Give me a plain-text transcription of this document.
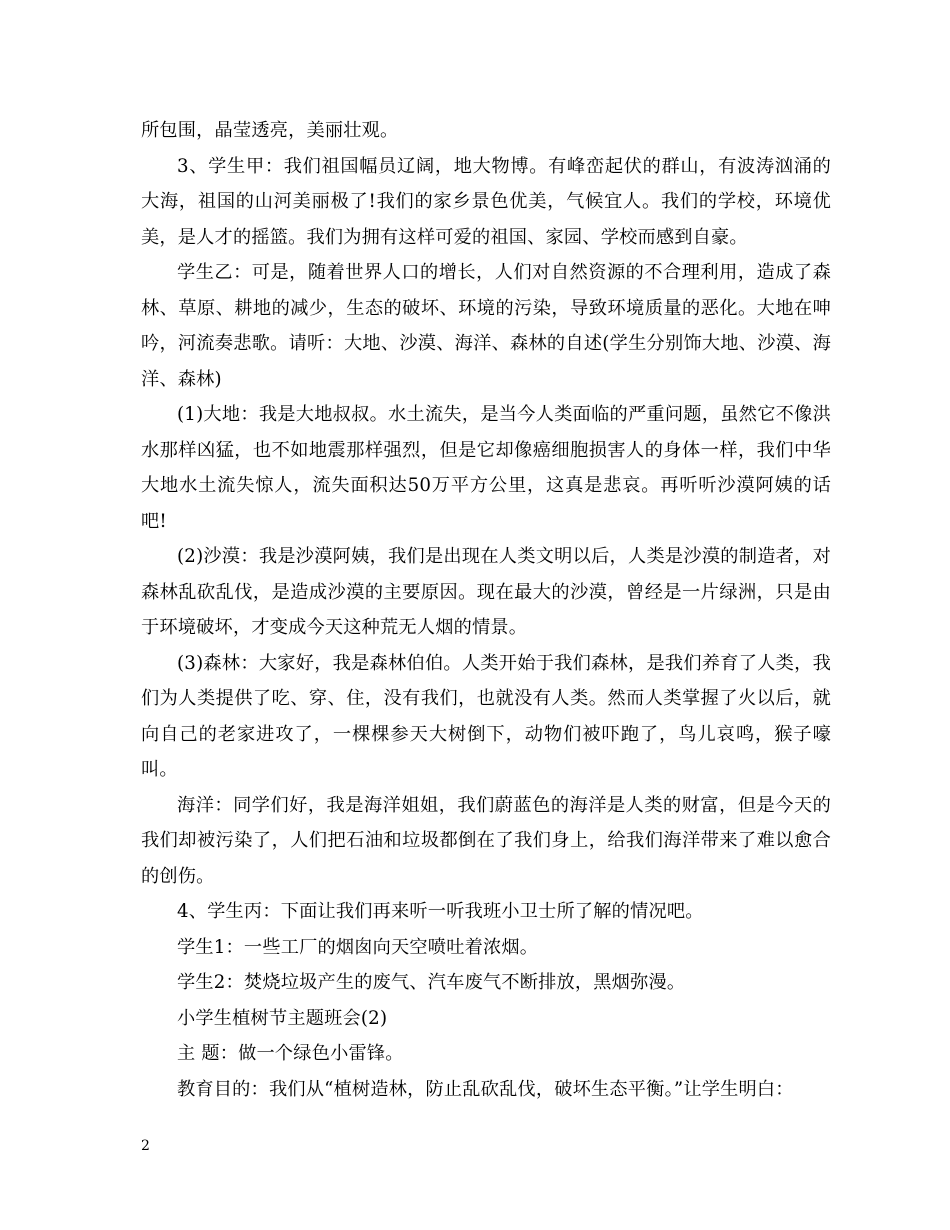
所包围，晶莹透亮，美丽壮观。

3、学生甲：我们祖国幅员辽阔，地大物博。有峰峦起伏的群山，有波涛汹涌的大海，祖国的山河美丽极了!我们的家乡景色优美，气候宜人。我们的学校，环境优美，是人才的摇篮。我们为拥有这样可爱的祖国、家园、学校而感到自豪。

学生乙：可是，随着世界人口的增长，人们对自然资源的不合理利用，造成了森林、草原、耕地的减少，生态的破坏、环境的污染，导致环境质量的恶化。大地在呻吟，河流奏悲歌。请听：大地、沙漠、海洋、森林的自述(学生分别饰大地、沙漠、海洋、森林)

(1)大地：我是大地叔叔。水土流失，是当今人类面临的严重问题，虽然它不像洪水那样凶猛，也不如地震那样强烈，但是它却像癌细胞损害人的身体一样，我们中华大地水土流失惊人，流失面积达50万平方公里，这真是悲哀。再听听沙漠阿姨的话吧!

(2)沙漠：我是沙漠阿姨，我们是出现在人类文明以后，人类是沙漠的制造者，对森林乱砍乱伐，是造成沙漠的主要原因。现在最大的沙漠，曾经是一片绿洲，只是由于环境破坏，才变成今天这种荒无人烟的情景。

(3)森林：大家好，我是森林伯伯。人类开始于我们森林，是我们养育了人类，我们为人类提供了吃、穿、住，没有我们，也就没有人类。然而人类掌握了火以后，就向自己的老家进攻了，一棵棵参天大树倒下，动物们被吓跑了，鸟儿哀鸣，猴子嚎叫。

海洋：同学们好，我是海洋姐姐，我们蔚蓝色的海洋是人类的财富，但是今天的我们却被污染了，人们把石油和垃圾都倒在了我们身上，给我们海洋带来了难以愈合的创伤。

4、学生丙：下面让我们再来听一听我班小卫士所了解的情况吧。

学生1：一些工厂的烟囱向天空喷吐着浓烟。

学生2：焚烧垃圾产生的废气、汽车废气不断排放，黑烟弥漫。

小学生植树节主题班会(2)

主 题：做一个绿色小雷锋。

教育目的：我们从“植树造林，防止乱砍乱伐，破坏生态平衡。”让学生明白：

2
